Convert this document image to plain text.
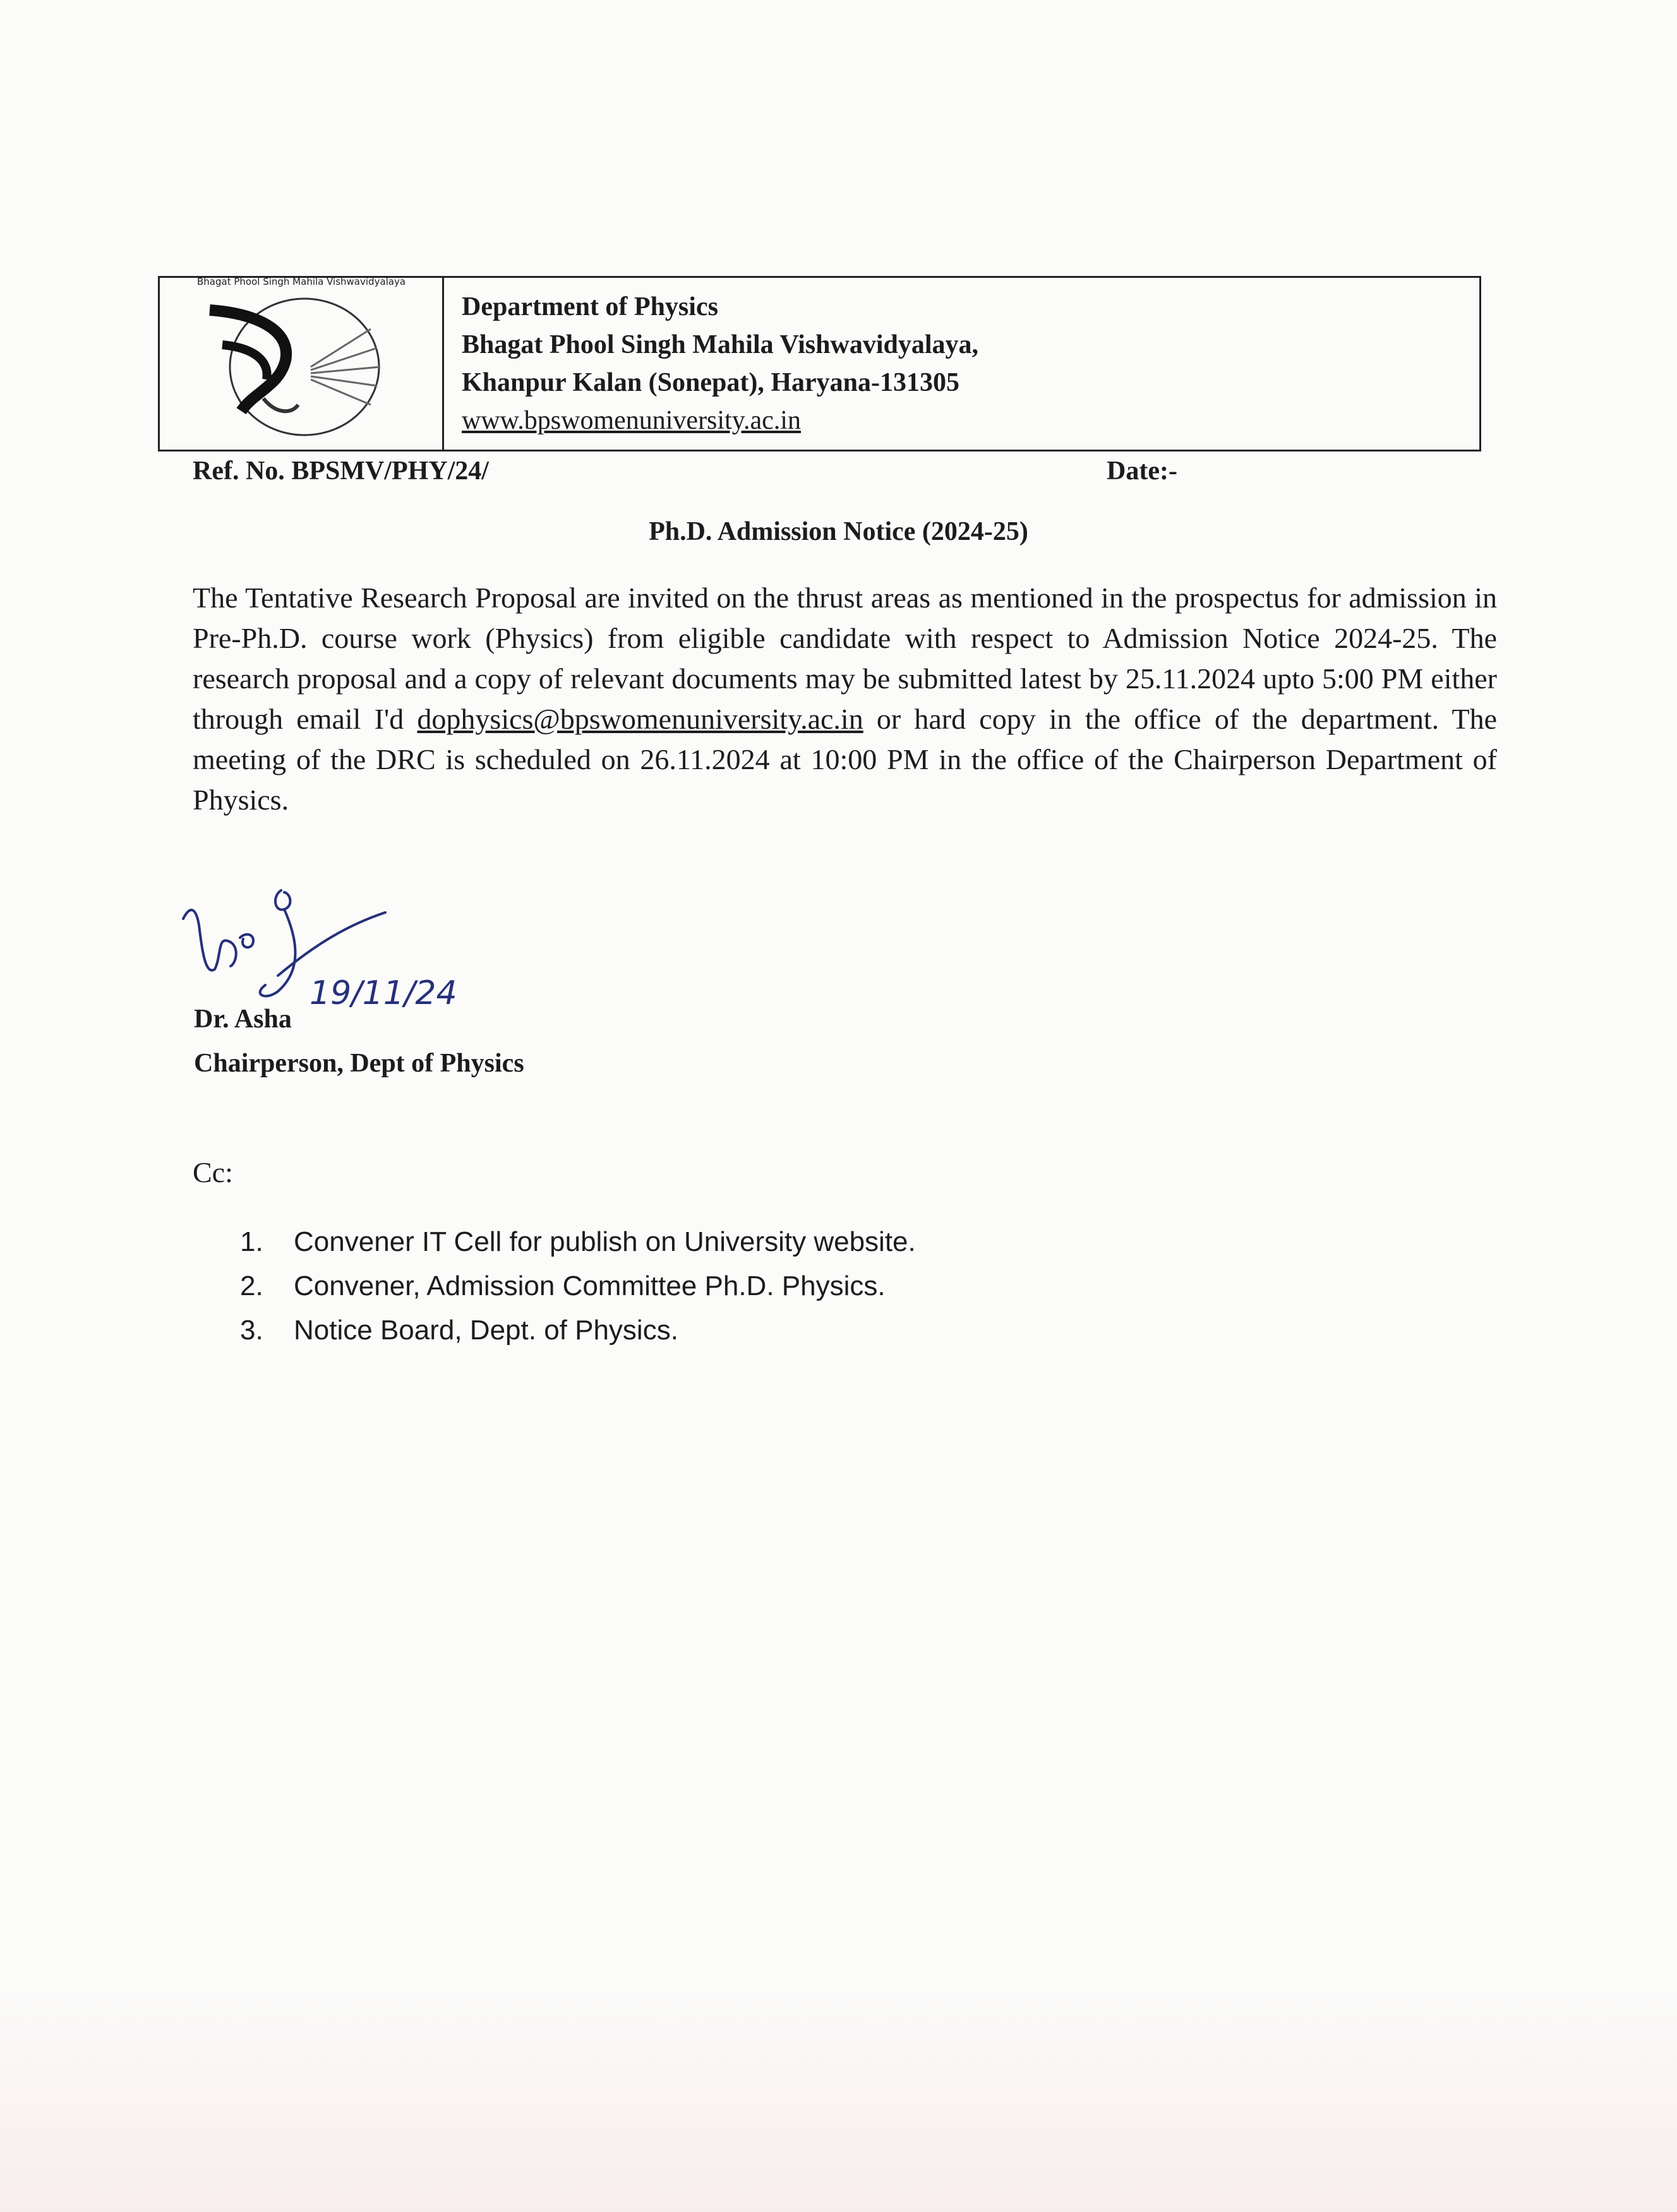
Bhagat Phool Singh Mahila Vishwavidyalaya
Department of Physics
Bhagat Phool Singh Mahila Vishwavidyalaya,
Khanpur Kalan (Sonepat), Haryana-131305
www.bpswomenuniversity.ac.in
Ref. No. BPSMV/PHY/24/	Date:-
Ph.D. Admission Notice (2024-25)
The Tentative Research Proposal are invited on the thrust areas as mentioned in the prospectus for admission in Pre-Ph.D. course work (Physics) from eligible candidate with respect to Admission Notice 2024-25. The research proposal and a copy of relevant documents may be submitted latest by 25.11.2024 upto 5:00 PM either through email I'd dophysics@bpswomenuniversity.ac.in or hard copy in the office of the department. The meeting of the DRC is scheduled on 26.11.2024 at 10:00 PM in the office of the Chairperson Department of Physics.
19/11/24
Dr. Asha
Chairperson, Dept of Physics
Cc:
1.	Convener IT Cell for publish on University website.
2.	Convener, Admission Committee Ph.D. Physics.
3.	Notice Board, Dept. of Physics.
